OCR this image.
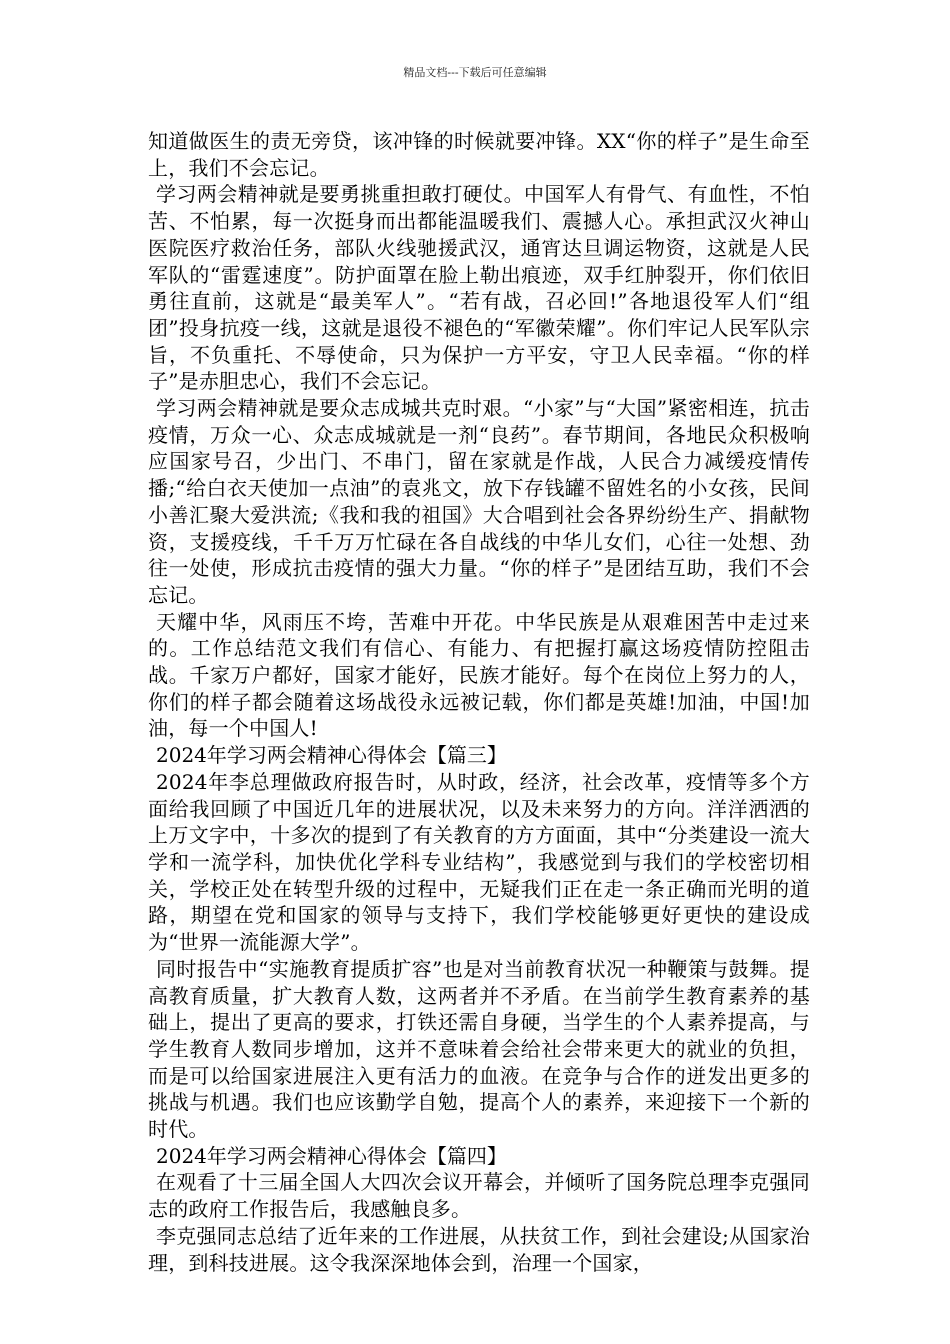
精品文档---下载后可任意编辑

知道做医生的责无旁贷，该冲锋的时候就要冲锋。XX“你的样子”是生命至上，我们不会忘记。

学习两会精神就是要勇挑重担敢打硬仗。中国军人有骨气、有血性，不怕苦、不怕累，每一次挺身而出都能温暖我们、震撼人心。承担武汉火神山医院医疗救治任务，部队火线驰援武汉，通宵达旦调运物资，这就是人民军队的“雷霆速度”。防护面罩在脸上勒出痕迹，双手红肿裂开，你们依旧勇往直前，这就是“最美军人”。“若有战，召必回!”各地退役军人们“组团”投身抗疫一线，这就是退役不褪色的“军徽荣耀”。你们牢记人民军队宗旨，不负重托、不辱使命，只为保护一方平安，守卫人民幸福。“你的样子”是赤胆忠心，我们不会忘记。

学习两会精神就是要众志成城共克时艰。“小家”与“大国”紧密相连，抗击疫情，万众一心、众志成城就是一剂“良药”。春节期间，各地民众积极响应国家号召，少出门、不串门，留在家就是作战，人民合力减缓疫情传播;“给白衣天使加一点油”的袁兆文，放下存钱罐不留姓名的小女孩，民间小善汇聚大爱洪流;《我和我的祖国》大合唱到社会各界纷纷生产、捐献物资，支援疫线，千千万万忙碌在各自战线的中华儿女们，心往一处想、劲往一处使，形成抗击疫情的强大力量。“你的样子”是团结互助，我们不会忘记。

天耀中华，风雨压不垮，苦难中开花。中华民族是从艰难困苦中走过来的。工作总结范文我们有信心、有能力、有把握打赢这场疫情防控阻击战。千家万户都好，国家才能好，民族才能好。每个在岗位上努力的人，你们的样子都会随着这场战役永远被记载，你们都是英雄!加油，中国!加油，每一个中国人!

2024年学习两会精神心得体会【篇三】

2024年李总理做政府报告时，从时政，经济，社会改革，疫情等多个方面给我回顾了中国近几年的进展状况，以及未来努力的方向。洋洋洒洒的上万文字中，十多次的提到了有关教育的方方面面，其中“分类建设一流大学和一流学科，加快优化学科专业结构”，我感觉到与我们的学校密切相关，学校正处在转型升级的过程中，无疑我们正在走一条正确而光明的道路，期望在党和国家的领导与支持下，我们学校能够更好更快的建设成为“世界一流能源大学”。

同时报告中“实施教育提质扩容”也是对当前教育状况一种鞭策与鼓舞。提高教育质量，扩大教育人数，这两者并不矛盾。在当前学生教育素养的基础上，提出了更高的要求，打铁还需自身硬，当学生的个人素养提高，与学生教育人数同步增加，这并不意味着会给社会带来更大的就业的负担，而是可以给国家进展注入更有活力的血液。在竞争与合作的迸发出更多的挑战与机遇。我们也应该勤学自勉，提高个人的素养，来迎接下一个新的时代。

2024年学习两会精神心得体会【篇四】

在观看了十三届全国人大四次会议开幕会，并倾听了国务院总理李克强同志的政府工作报告后，我感触良多。

李克强同志总结了近年来的工作进展，从扶贫工作，到社会建设;从国家治理，到科技进展。这令我深深地体会到，治理一个国家，
